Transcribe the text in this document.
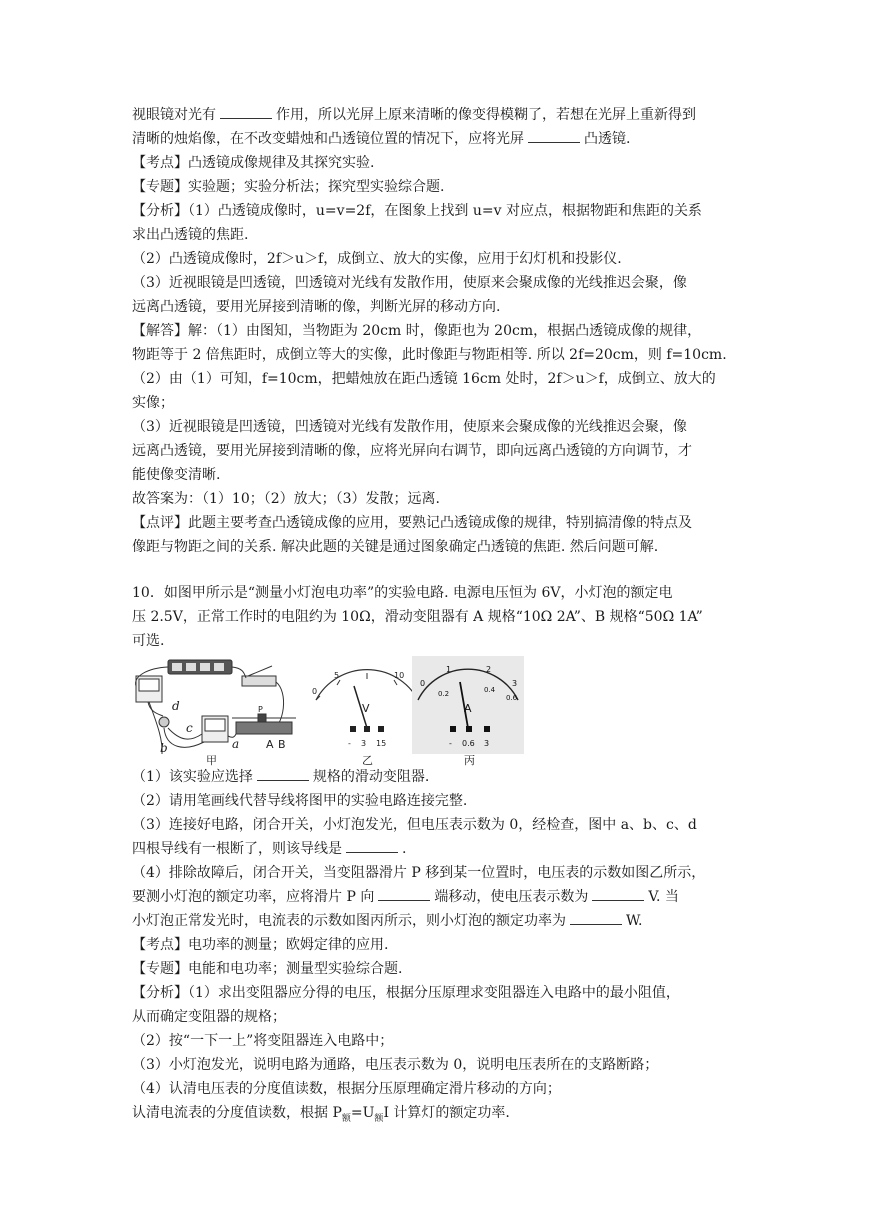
视眼镜对光有	作用，所以光屏上原来清晰的像变得模糊了，若想在光屏上重新得到
清晰的烛焰像，在不改变蜡烛和凸透镜位置的情况下，应将光屏	凸透镜.
【考点】凸透镜成像规律及其探究实验.
【专题】实验题；实验分析法；探究型实验综合题.
【分析】（1）凸透镜成像时，u=v=2f，在图象上找到 u=v 对应点，根据物距和焦距的关系
求出凸透镜的焦距.
（2）凸透镜成像时，2f＞u＞f，成倒立、放大的实像，应用于幻灯机和投影仪.
（3）近视眼镜是凹透镜，凹透镜对光线有发散作用，使原来会聚成像的光线推迟会聚，像
远离凸透镜，要用光屏接到清晰的像，判断光屏的移动方向.
【解答】解：（1）由图知，当物距为 20cm 时，像距也为 20cm，根据凸透镜成像的规律，
物距等于 2 倍焦距时，成倒立等大的实像，此时像距与物距相等. 所以 2f=20cm，则 f=10cm.
（2）由（1）可知，f=10cm，把蜡烛放在距凸透镜 16cm 处时，2f＞u＞f，成倒立、放大的
实像；
（3）近视眼镜是凹透镜，凹透镜对光线有发散作用，使原来会聚成像的光线推迟会聚，像
远离凸透镜，要用光屏接到清晰的像，应将光屏向右调节，即向远离凸透镜的方向调节，才
能使像变清晰.
故答案为：（1）10；（2）放大；（3）发散；远离.
【点评】此题主要考查凸透镜成像的应用，要熟记凸透镜成像的规律，特别搞清像的特点及
像距与物距之间的关系. 解决此题的关键是通过图象确定凸透镜的焦距. 然后问题可解.
10．如图甲所示是“测量小灯泡电功率”的实验电路. 电源电压恒为 6V，小灯泡的额定电
压 2.5V，正常工作时的电阻约为 10Ω，滑动变阻器有 A 规格“10Ω 2A”、B 规格“50Ω 1A”
可选.
d
b
c
a A B
P
甲
0
5	10
V
- 3 15
乙
0
1	2
3
0.2	0.4
0.6
A
- 0.6 3
丙
（1）该实验应选择	规格的滑动变阻器.
（2）请用笔画线代替导线将图甲的实验电路连接完整.
（3）连接好电路，闭合开关，小灯泡发光，但电压表示数为 0，经检查，图中 a、b、c、d
四根导线有一根断了，则该导线是	.
（4）排除故障后，闭合开关，当变阻器滑片 P 移到某一位置时，电压表的示数如图乙所示，
要测小灯泡的额定功率，应将滑片 P 向	端移动，使电压表示数为	V. 当
小灯泡正常发光时，电流表的示数如图丙所示，则小灯泡的额定功率为	W.
【考点】电功率的测量；欧姆定律的应用.
【专题】电能和电功率；测量型实验综合题.
【分析】（1）求出变阻器应分得的电压，根据分压原理求变阻器连入电路中的最小阻值，
从而确定变阻器的规格；
（2）按“一下一上”将变阻器连入电路中；
（3）小灯泡发光，说明电路为通路，电压表示数为 0，说明电压表所在的支路断路；
（4）认清电压表的分度值读数，根据分压原理确定滑片移动的方向；
认清电流表的分度值读数，根据 $P_额=U_额I$ 计算灯的额定功率.
